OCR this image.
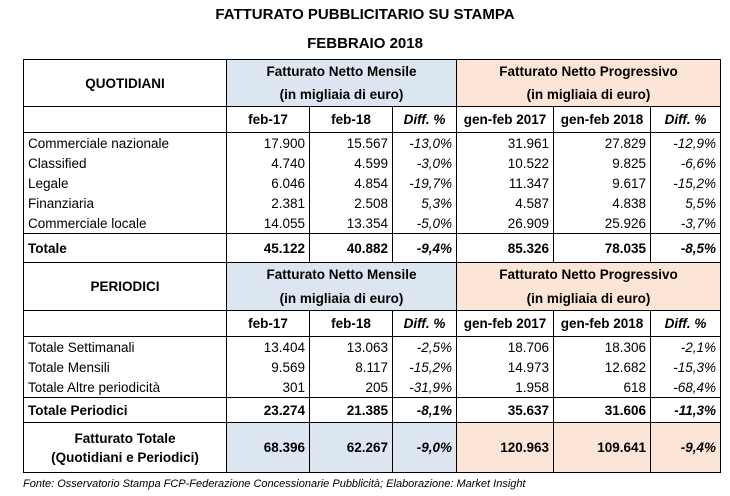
FATTURATO PUBBLICITARIO SU STAMPA
FEBBRAIO 2018
QUOTIDIANI	Fatturato Netto Mensile			Fatturato Netto Progressivo		
	(in migliaia di euro)			(in migliaia di euro)		
	feb-17	feb-18	Diff. %	gen-feb 2017	gen-feb 2018	Diff. %
Commerciale nazionale	17.900	15.567	-13,0%	31.961	27.829	-12,9%
Classified	4.740	4.599	-3,0%	10.522	9.825	-6,6%
Legale	6.046	4.854	-19,7%	11.347	9.617	-15,2%
Finanziaria	2.381	2.508	5,3%	4.587	4.838	5,5%
Commerciale locale	14.055	13.354	-5,0%	26.909	25.926	-3,7%
Totale	45.122	40.882	-9,4%	85.326	78.035	-8,5%
PERIODICI	Fatturato Netto Mensile			Fatturato Netto Progressivo		
	(in migliaia di euro)			(in migliaia di euro)		
	feb-17	feb-18	Diff. %	gen-feb 2017	gen-feb 2018	Diff. %
Totale Settimanali	13.404	13.063	-2,5%	18.706	18.306	-2,1%
Totale Mensili	9.569	8.117	-15,2%	14.973	12.682	-15,3%
Totale Altre periodicità	301	205	-31,9%	1.958	618	-68,4%
Totale Periodici	23.274	21.385	-8,1%	35.637	31.606	-11,3%

Fatturato Totale
(Quotidiani e Periodici)	68.396	62.267	-9,0%	120.963	109.641	-9,4%
Fonte: Osservatorio Stampa FCP-Federazione Concessionarie Pubblicità; Elaborazione: Market Insight
